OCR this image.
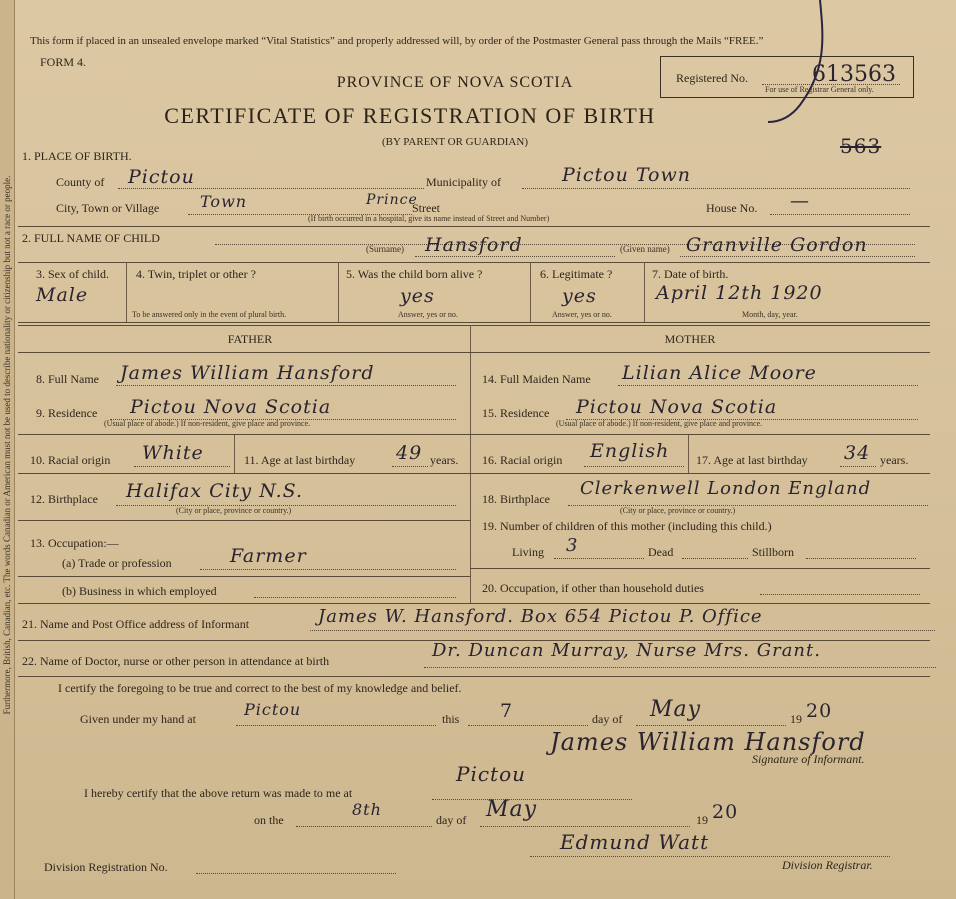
Furthermore, British, Canadian, etc. The words Canadian or American must not be used to describe nationality or citizenship but not a race or people.
This form if placed in an unsealed envelope marked “Vital Statistics” and properly addressed will, by order of the Postmaster General pass through the Mails “FREE.”
FORM 4.
PROVINCE OF NOVA SCOTIA
CERTIFICATE OF REGISTRATION OF BIRTH
(BY PARENT OR GUARDIAN)
Registered No.	613563
For use of Registrar General only.
563
1. PLACE OF BIRTH.
County of Pictou	Municipality of	Pictou Town
City, Town or Village	Town	Prince
Street
(If birth occurred in a hospital, give its name instead of Street and Number)
House No. —
2. FULL NAME OF CHILD
(Surname) Hansford	(Given name) Granville Gordon
3. Sex of child.
Male
4. Twin, triplet or other ?
To be answered only in the event of plural birth.
5. Was the child born alive ?
yes
Answer, yes or no.
6. Legitimate ?
yes
Answer, yes or no.
7. Date of birth.
April 12th 1920
Month, day, year.
FATHER	MOTHER
8. Full Name James William Hansford
9. Residence Pictou Nova Scotia
(Usual place of abode.) If non-resident, give place and province.
10. Racial origin White	11. Age at last birthday 49 years.
12. Birthplace Halifax City N.S.
(City or place, province or country.)
13. Occupation:—
(a) Trade or profession	Farmer
(b) Business in which employed
14. Full Maiden Name Lilian Alice Moore
15. Residence Pictou Nova Scotia
(Usual place of abode.) If non-resident, give place and province.
16. Racial origin English 17. Age at last birthday 34 years.
18. Birthplace Clerkenwell London England
(City or place, province or country.)
19. Number of children of this mother (including this child.)
Living 3	Dead	Stillborn
20. Occupation, if other than household duties
21. Name and Post Office address of Informant	James W. Hansford. Box 654 Pictou P. Office
22. Name of Doctor, nurse or other person in attendance at birth	Dr. Duncan Murray, Nurse Mrs. Grant.
I certify the foregoing to be true and correct to the best of my knowledge and belief.
Given under my hand at	Pictou	this 7	day of May	19 20
James William Hansford
Signature of Informant.
I hereby certify that the above return was made to me at
Pictou
on the
8th
day of May	19 20
Edmund Watt
Division Registration No.	Division Registrar.
